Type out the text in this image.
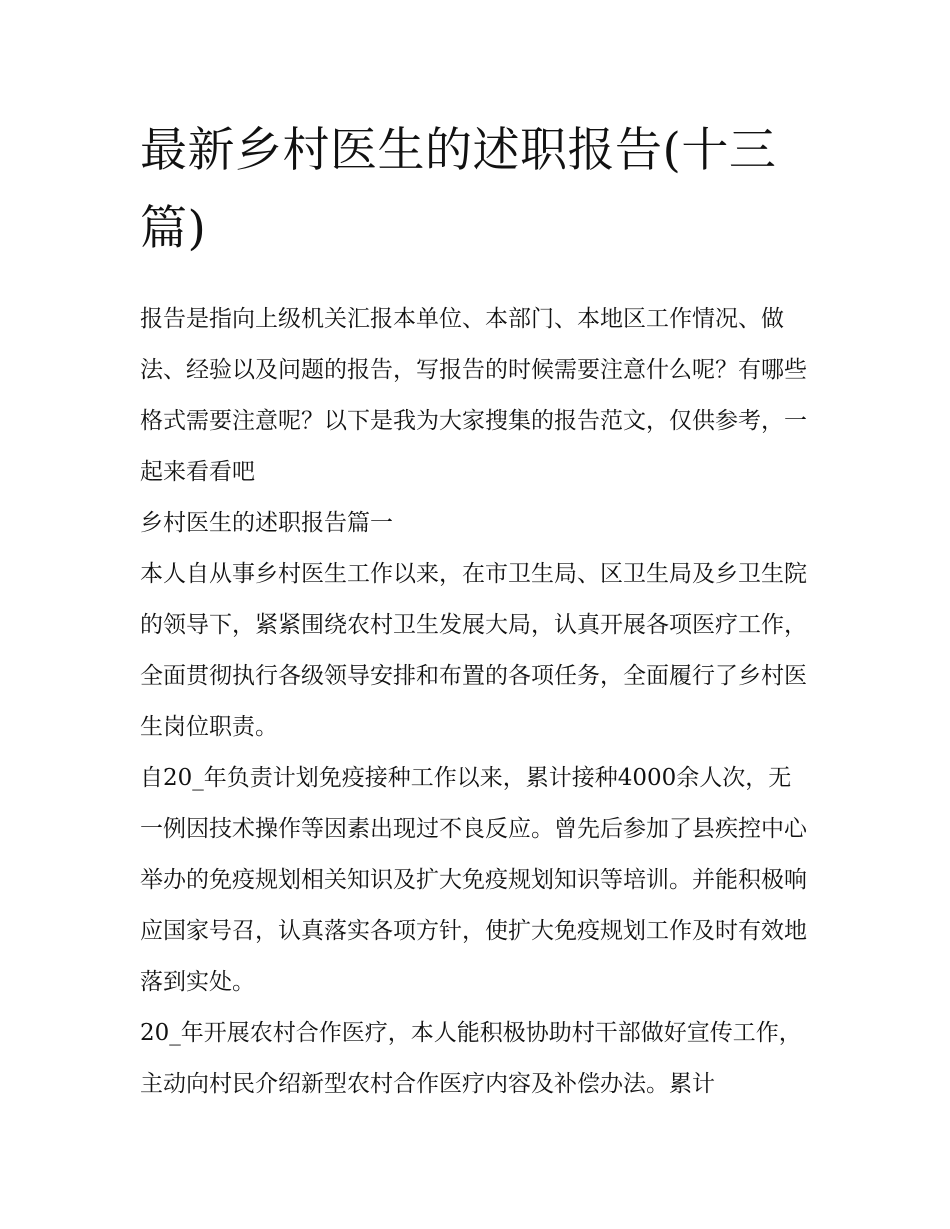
最新乡村医生的述职报告(十三篇)

报告是指向上级机关汇报本单位、本部门、本地区工作情况、做法、经验以及问题的报告，写报告的时候需要注意什么呢？有哪些格式需要注意呢？以下是我为大家搜集的报告范文，仅供参考，一起来看看吧

乡村医生的述职报告篇一

本人自从事乡村医生工作以来，在市卫生局、区卫生局及乡卫生院的领导下，紧紧围绕农村卫生发展大局，认真开展各项医疗工作，全面贯彻执行各级领导安排和布置的各项任务，全面履行了乡村医生岗位职责。

自20_年负责计划免疫接种工作以来，累计接种4000余人次，无一例因技术操作等因素出现过不良反应。曾先后参加了县疾控中心举办的免疫规划相关知识及扩大免疫规划知识等培训。并能积极响应国家号召，认真落实各项方针，使扩大免疫规划工作及时有效地落到实处。

20_年开展农村合作医疗，本人能积极协助村干部做好宣传工作，主动向村民介绍新型农村合作医疗内容及补偿办法。累计
